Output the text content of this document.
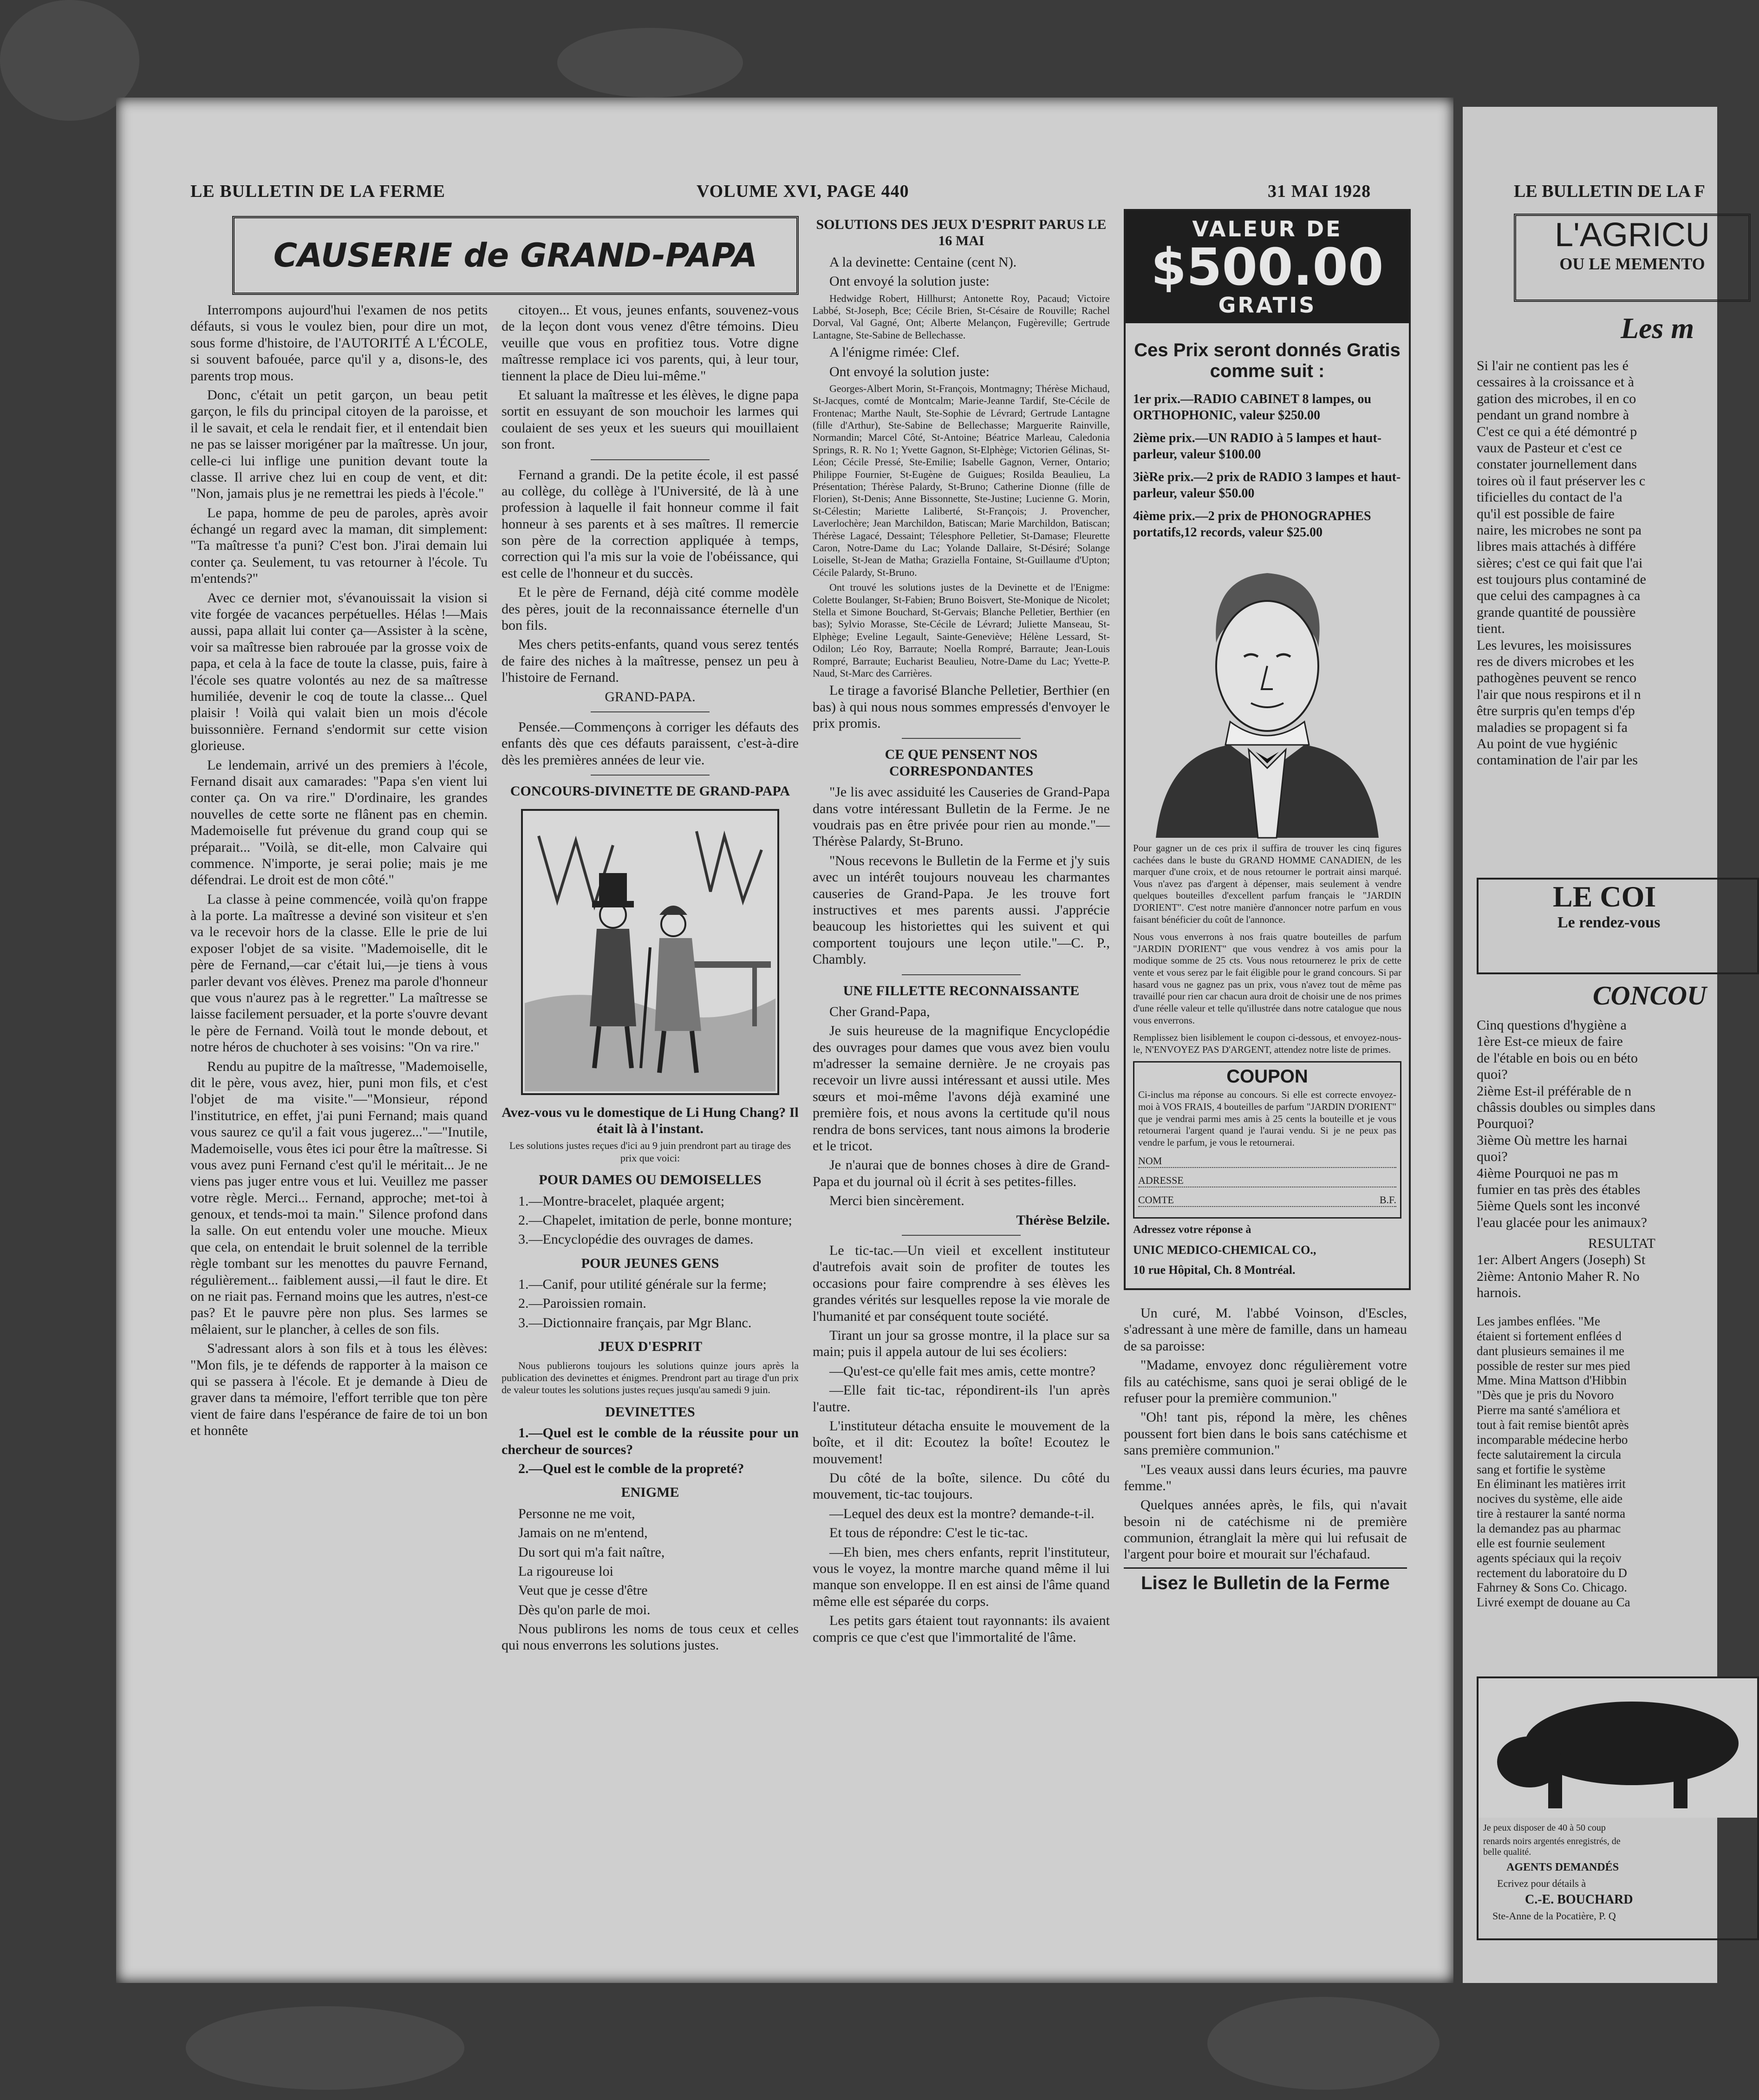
LE BULLETIN DE LA FERME	VOLUME XVI, PAGE 440	31 MAI 1928
CAUSERIE de GRAND-PAPA

Interrompons aujourd'hui l'examen de nos petits défauts, si vous le voulez bien, pour dire un mot, sous forme d'histoire, de l'AUTORITÉ A L'ÉCOLE, si souvent bafouée, parce qu'il y a, disons-le, des parents trop mous.

Donc, c'était un petit garçon, un beau petit garçon, le fils du principal citoyen de la paroisse, et il le savait, et cela le rendait fier, et il entendait bien ne pas se laisser morigéner par la maîtresse. Un jour, celle-ci lui inflige une punition devant toute la classe. Il arrive chez lui en coup de vent, et dit: "Non, jamais plus je ne remettrai les pieds à l'école."

Le papa, homme de peu de paroles, après avoir échangé un regard avec la maman, dit simplement: "Ta maîtresse t'a puni? C'est bon. J'irai demain lui conter ça. Seulement, tu vas retourner à l'école. Tu m'entends?"

Avec ce dernier mot, s'évanouissait la vision si vite forgée de vacances perpétuelles. Hélas !—Mais aussi, papa allait lui conter ça—Assister à la scène, voir sa maîtresse bien rabrouée par la grosse voix de papa, et cela à la face de toute la classe, puis, faire à l'école ses quatre volontés au nez de sa maîtresse humiliée, devenir le coq de toute la classe... Quel plaisir ! Voilà qui valait bien un mois d'école buissonnière. Fernand s'endormit sur cette vision glorieuse.

Le lendemain, arrivé un des premiers à l'école, Fernand disait aux camarades: "Papa s'en vient lui conter ça. On va rire." D'ordinaire, les grandes nouvelles de cette sorte ne flânent pas en chemin. Mademoiselle fut prévenue du grand coup qui se préparait... "Voilà, se dit-elle, mon Calvaire qui commence. N'importe, je serai polie; mais je me défendrai. Le droit est de mon côté."

La classe à peine commencée, voilà qu'on frappe à la porte. La maîtresse a deviné son visiteur et s'en va le recevoir hors de la classe. Elle le prie de lui exposer l'objet de sa visite. "Mademoiselle, dit le père de Fernand,—car c'était lui,—je tiens à vous parler devant vos élèves. Prenez ma parole d'honneur que vous n'aurez pas à le regretter." La maîtresse se laisse facilement persuader, et la porte s'ouvre devant le père de Fernand. Voilà tout le monde debout, et notre héros de chuchoter à ses voisins: "On va rire."

Rendu au pupitre de la maîtresse, "Mademoiselle, dit le père, vous avez, hier, puni mon fils, et c'est l'objet de ma visite."—"Monsieur, répond l'institutrice, en effet, j'ai puni Fernand; mais quand vous saurez ce qu'il a fait vous jugerez..."—"Inutile, Mademoiselle, vous êtes ici pour être la maîtresse. Si vous avez puni Fernand c'est qu'il le méritait... Je ne viens pas juger entre vous et lui. Veuillez me passer votre règle. Merci... Fernand, approche; met-toi à genoux, et tends-moi ta main." Silence profond dans la salle. On eut entendu voler une mouche. Mieux que cela, on entendait le bruit solennel de la terrible règle tombant sur les menottes du pauvre Fernand, régulièrement... faiblement aussi,—il faut le dire. Et on ne riait pas. Fernand moins que les autres, n'est-ce pas? Et le pauvre père non plus. Ses larmes se mêlaient, sur le plancher, à celles de son fils.

S'adressant alors à son fils et à tous les élèves: "Mon fils, je te défends de rapporter à la maison ce qui se passera à l'école. Et je demande à Dieu de graver dans ta mémoire, l'effort terrible que ton père vient de faire dans l'espérance de faire de toi un bon et honnête

citoyen... Et vous, jeunes enfants, souvenez-vous de la leçon dont vous venez d'être témoins. Dieu veuille que vous en profitiez tous. Votre digne maîtresse remplace ici vos parents, qui, à leur tour, tiennent la place de Dieu lui-même."

Et saluant la maîtresse et les élèves, le digne papa sortit en essuyant de son mouchoir les larmes qui coulaient de ses yeux et les sueurs qui mouillaient son front.

Fernand a grandi. De la petite école, il est passé au collège, du collège à l'Université, de là à une profession à laquelle il fait honneur comme il fait honneur à ses parents et à ses maîtres. Il remercie son père de la correction appliquée à temps, correction qui l'a mis sur la voie de l'obéissance, qui est celle de l'honneur et du succès.

Et le père de Fernand, déjà cité comme modèle des pères, jouit de la reconnaissance éternelle d'un bon fils.

Mes chers petits-enfants, quand vous serez tentés de faire des niches à la maîtresse, pensez un peu à l'histoire de Fernand.

GRAND-PAPA.

Pensée.—Commençons à corriger les défauts des enfants dès que ces défauts paraissent, c'est-à-dire dès les premières années de leur vie.

CONCOURS-DIVINETTE DE GRAND-PAPA

Avez-vous vu le domestique de Li Hung Chang? Il était là à l'instant.

Les solutions justes reçues d'ici au 9 juin prendront part au tirage des prix que voici:

POUR DAMES OU DEMOISELLES

1.—Montre-bracelet, plaquée argent;

2.—Chapelet, imitation de perle, bonne monture;

3.—Encyclopédie des ouvrages de dames.

POUR JEUNES GENS

1.—Canif, pour utilité générale sur la ferme;

2.—Paroissien romain.

3.—Dictionnaire français, par Mgr Blanc.

JEUX D'ESPRIT

Nous publierons toujours les solutions quinze jours après la publication des devinettes et énigmes. Prendront part au tirage d'un prix de valeur toutes les solutions justes reçues jusqu'au samedi 9 juin.

DEVINETTES

1.—Quel est le comble de la réussite pour un chercheur de sources?

2.—Quel est le comble de la propreté?

ENIGME

Personne ne me voit,

Jamais on ne m'entend,

Du sort qui m'a fait naître,

La rigoureuse loi

Veut que je cesse d'être

Dès qu'on parle de moi.

Nous publirons les noms de tous ceux et celles qui nous enverrons les solutions justes.

SOLUTIONS DES JEUX D'ESPRIT PARUS LE 16 MAI

A la devinette: Centaine (cent N).

Ont envoyé la solution juste:

Hedwidge Robert, Hillhurst; Antonette Roy, Pacaud; Victoire Labbé, St-Joseph, Bce; Cécile Brien, St-Césaire de Rouville; Rachel Dorval, Val Gagné, Ont; Alberte Melançon, Fugèreville; Gertrude Lantagne, Ste-Sabine de Bellechasse.

A l'énigme rimée: Clef.

Ont envoyé la solution juste:

Georges-Albert Morin, St-François, Montmagny; Thérèse Michaud, St-Jacques, comté de Montcalm; Marie-Jeanne Tardif, Ste-Cécile de Frontenac; Marthe Nault, Ste-Sophie de Lévrard; Gertrude Lantagne (fille d'Arthur), Ste-Sabine de Bellechasse; Marguerite Rainville, Normandin; Marcel Côté, St-Antoine; Béatrice Marleau, Caledonia Springs, R. R. No 1; Yvette Gagnon, St-Elphège; Victorien Gélinas, St-Léon; Cécile Pressé, Ste-Emilie; Isabelle Gagnon, Verner, Ontario; Philippe Fournier, St-Eugène de Guigues; Rosilda Beaulieu, La Présentation; Thérèse Palardy, St-Bruno; Catherine Dionne (fille de Florien), St-Denis; Anne Bissonnette, Ste-Justine; Lucienne G. Morin, St-Célestin; Mariette Laliberté, St-François; J. Provencher, Laverlochère; Jean Marchildon, Batiscan; Marie Marchildon, Batiscan; Thérèse Lagacé, Dessaint; Télesphore Pelletier, St-Damase; Fleurette Caron, Notre-Dame du Lac; Yolande Dallaire, St-Désiré; Solange Loiselle, St-Jean de Matha; Graziella Fontaine, St-Guillaume d'Upton; Cécile Palardy, St-Bruno.

Ont trouvé les solutions justes de la Devinette et de l'Enigme: Colette Boulanger, St-Fabien; Bruno Boisvert, Ste-Monique de Nicolet; Stella et Simone Bouchard, St-Gervais; Blanche Pelletier, Berthier (en bas); Sylvio Morasse, Ste-Cécile de Lévrard; Juliette Manseau, St-Elphège; Eveline Legault, Sainte-Geneviève; Hélène Lessard, St-Odilon; Léo Roy, Barraute; Noella Rompré, Barraute; Jean-Louis Rompré, Barraute; Eucharist Beaulieu, Notre-Dame du Lac; Yvette-P. Naud, St-Marc des Carrières.

Le tirage a favorisé Blanche Pelletier, Berthier (en bas) à qui nous nous sommes empressés d'envoyer le prix promis.

CE QUE PENSENT NOS CORRESPONDANTES

"Je lis avec assiduité les Causeries de Grand-Papa dans votre intéressant Bulletin de la Ferme. Je ne voudrais pas en être privée pour rien au monde."—Thérèse Palardy, St-Bruno.

"Nous recevons le Bulletin de la Ferme et j'y suis avec un intérêt toujours nouveau les charmantes causeries de Grand-Papa. Je les trouve fort instructives et mes parents aussi. J'apprécie beaucoup les historiettes qui les suivent et qui comportent toujours une leçon utile."—C. P., Chambly.

UNE FILLETTE RECONNAISSANTE

Cher Grand-Papa,

Je suis heureuse de la magnifique Encyclopédie des ouvrages pour dames que vous avez bien voulu m'adresser la semaine dernière. Je ne croyais pas recevoir un livre aussi intéressant et aussi utile. Mes sœurs et moi-même l'avons déjà examiné une première fois, et nous avons la certitude qu'il nous rendra de bons services, tant nous aimons la broderie et le tricot.

Je n'aurai que de bonnes choses à dire de Grand-Papa et du journal où il écrit à ses petites-filles.

Merci bien sincèrement.

Thérèse Belzile.

Le tic-tac.—Un vieil et excellent instituteur d'autrefois avait soin de profiter de toutes les occasions pour faire comprendre à ses élèves les grandes vérités sur lesquelles repose la vie morale de l'humanité et par conséquent toute société.

Tirant un jour sa grosse montre, il la place sur sa main; puis il appela autour de lui ses écoliers:

—Qu'est-ce qu'elle fait mes amis, cette montre?

—Elle fait tic-tac, répondirent-ils l'un après l'autre.

L'instituteur détacha ensuite le mouvement de la boîte, et il dit: Ecoutez la boîte! Ecoutez le mouvement!

Du côté de la boîte, silence. Du côté du mouvement, tic-tac toujours.

—Lequel des deux est la montre? demande-t-il.

Et tous de répondre: C'est le tic-tac.

—Eh bien, mes chers enfants, reprit l'instituteur, vous le voyez, la montre marche quand même il lui manque son enveloppe. Il en est ainsi de l'âme quand même elle est séparée du corps.

Les petits gars étaient tout rayonnants: ils avaient compris ce que c'est que l'immortalité de l'âme.

VALEUR DE
$500.00
GRATIS
Ces Prix seront donnés Gratis comme suit :
1er prix.—RADIO CABINET 8 lampes, ou ORTHOPHONIC, valeur $250.00
2ième prix.—UN RADIO à 5 lampes et haut-parleur, valeur $100.00
3ièRe prix.—2 prix de RADIO 3 lampes et haut-parleur, valeur $50.00
4ième prix.—2 prix de PHONOGRAPHES portatifs,12 records, valeur $25.00
Pour gagner un de ces prix il suffira de trouver les cinq figures cachées dans le buste du GRAND HOMME CANADIEN, de les marquer d'une croix, et de nous retourner le portrait ainsi marqué. Vous n'avez pas d'argent à dépenser, mais seulement à vendre quelques bouteilles d'excellent parfum français le "JARDIN D'ORIENT". C'est notre manière d'annoncer notre parfum en vous faisant bénéficier du coût de l'annonce.
Nous vous enverrons à nos frais quatre bouteilles de parfum "JARDIN D'ORIENT" que vous vendrez à vos amis pour la modique somme de 25 cts. Vous nous retournerez le prix de cette vente et vous serez par le fait éligible pour le grand concours. Si par hasard vous ne gagnez pas un prix, vous n'avez tout de même pas travaillé pour rien car chacun aura droit de choisir une de nos primes d'une réelle valeur et telle qu'illustrée dans notre catalogue que nous vous enverrons.
Remplissez bien lisiblement le coupon ci-dessous, et envoyez-nous-le, N'ENVOYEZ PAS D'ARGENT, attendez notre liste de primes.
COUPON
Ci-inclus ma réponse au concours. Si elle est correcte envoyez-moi à VOS FRAIS, 4 bouteilles de parfum "JARDIN D'ORIENT" que je vendrai parmi mes amis à 25 cents la bouteille et je vous retournerai l'argent quand je l'aurai vendu. Si je ne peux pas vendre le parfum, je vous le retournerai.
NOM
ADRESSE
COMTE	B.F.
Adressez votre réponse à
UNIC MEDICO-CHEMICAL CO.,
10 rue Hôpital, Ch. 8 Montréal.

Un curé, M. l'abbé Voinson, d'Escles, s'adressant à une mère de famille, dans un hameau de sa paroisse:

"Madame, envoyez donc régulièrement votre fils au catéchisme, sans quoi je serai obligé de le refuser pour la première communion."

"Oh! tant pis, répond la mère, les chênes poussent fort bien dans le bois sans catéchisme et sans première communion."

"Les veaux aussi dans leurs écuries, ma pauvre femme."

Quelques années après, le fils, qui n'avait besoin ni de catéchisme ni de première communion, étranglait la mère qui lui refusait de l'argent pour boire et mourait sur l'échafaud.

Lisez le Bulletin de la Ferme
LE BULLETIN DE LA F
L'AGRICU
OU LE MEMENTO
Les m
Si l'air ne contient pas les é
cessaires à la croissance et à
gation des microbes, il en co
pendant un grand nombre à
C'est ce qui a été démontré p
vaux de Pasteur et c'est ce
constater journellement dans
toires où il faut préserver les c
tificielles du contact de l'a
qu'il est possible de faire
naire, les microbes ne sont pa
libres mais attachés à différe
sières; c'est ce qui fait que l'ai
est toujours plus contaminé de
que celui des campagnes à ca
grande quantité de poussière
tient.
Les levures, les moisissures
res de divers microbes et les
pathogènes peuvent se renco
l'air que nous respirons et il n
être surpris qu'en temps d'ép
maladies se propagent si fa
Au point de vue hygiénic
contamination de l'air par les
LE COI
Le rendez-vous
CONCOU
Cinq questions d'hygiène a
1ère Est-ce mieux de faire
de l'étable en bois ou en béto
quoi?
2ième Est-il préférable de n
châssis doubles ou simples dans
Pourquoi?
3ième Où mettre les harnai
quoi?
4ième Pourquoi ne pas m
fumier en tas près des étables
5ième Quels sont les inconvé
l'eau glacée pour les animaux?
RESULTAT
1er: Albert Angers (Joseph) St
2ième: Antonio Maher R. No
harnois.
Les jambes enflées. "Me
étaient si fortement enflées d
dant plusieurs semaines il me
possible de rester sur mes pied
Mme. Mina Mattson d'Hibbin
"Dès que je pris du Novoro
Pierre ma santé s'améliora et
tout à fait remise bientôt après
incomparable médecine herbo
fecte salutairement la circula
sang et fortifie le système
En éliminant les matières irrit
nocives du système, elle aide
tire à restaurer la santé norma
la demandez pas au pharmac
elle est fournie seulement
agents spéciaux qui la reçoiv
rectement du laboratoire du D
Fahrney & Sons Co. Chicago.
Livré exempt de douane au Ca
Je peux disposer de 40 à 50 coup
renards noirs argentés enregistrés, de
belle qualité.
AGENTS DEMANDÉS
Ecrivez pour détails à
C.-E. BOUCHARD
Ste-Anne de la Pocatière, P. Q
